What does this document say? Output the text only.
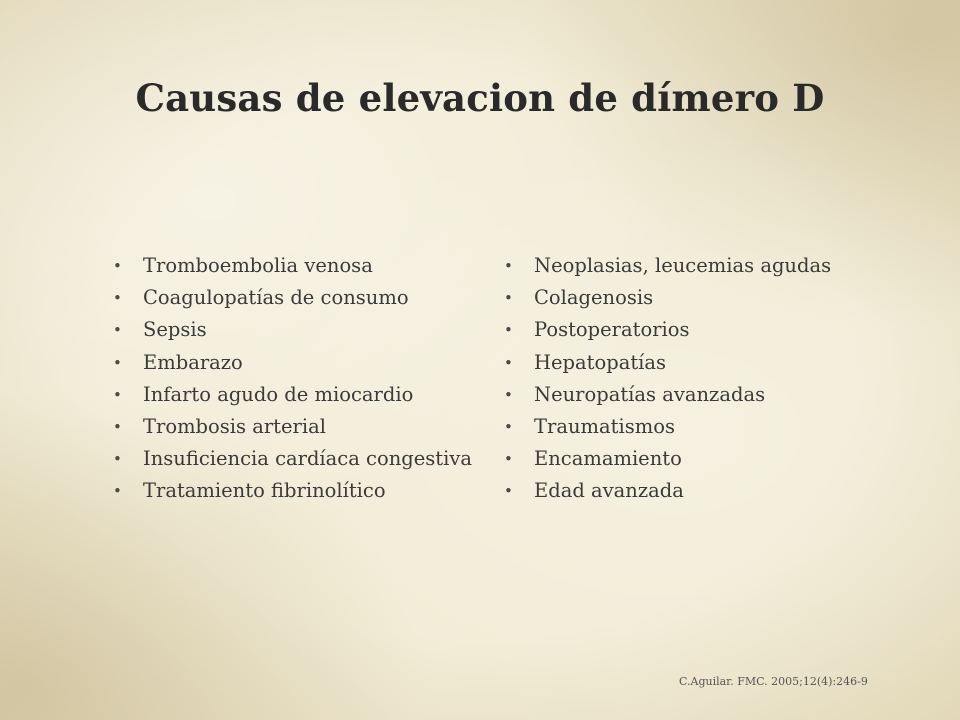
Causas de elevacion de dímero D
• Tromboembolia venosa
• Coagulopatías de consumo
• Sepsis
• Embarazo
• Infarto agudo de miocardio
• Trombosis arterial
• Insuficiencia cardíaca congestiva
• Tratamiento fibrinolítico
• Neoplasias, leucemias agudas
• Colagenosis
• Postoperatorios
• Hepatopatías
• Neuropatías avanzadas
• Traumatismos
• Encamamiento
• Edad avanzada
C.Aguilar. FMC. 2005;12(4):246-9
